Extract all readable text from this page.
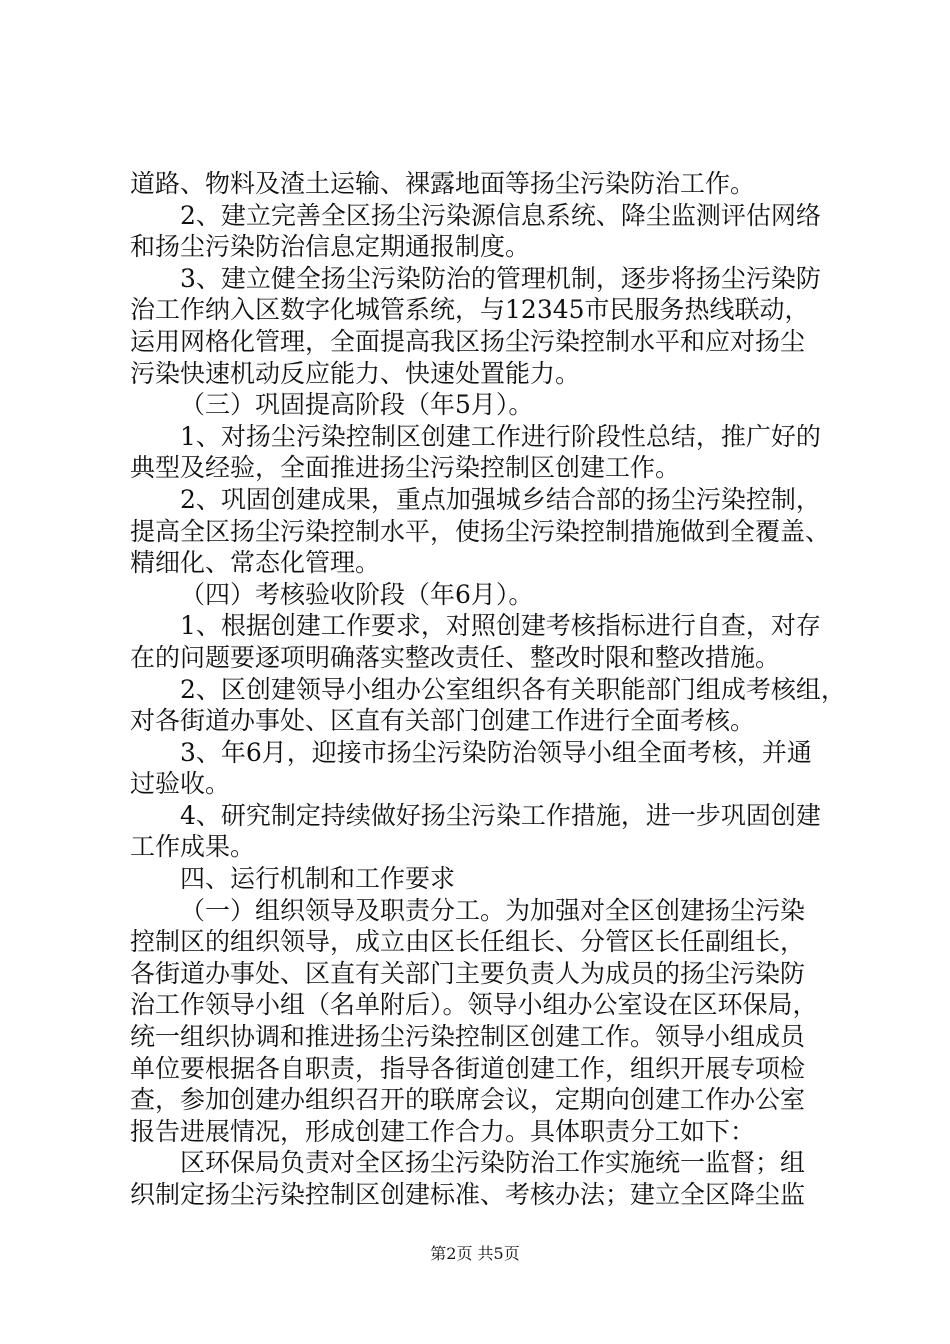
道路、物料及渣土运输、裸露地面等扬尘污染防治工作。
2、建立完善全区扬尘污染源信息系统、降尘监测评估网络
和扬尘污染防治信息定期通报制度。
3、建立健全扬尘污染防治的管理机制，逐步将扬尘污染防
治工作纳入区数字化城管系统，与12345市民服务热线联动，
运用网格化管理，全面提高我区扬尘污染控制水平和应对扬尘
污染快速机动反应能力、快速处置能力。
（三）巩固提高阶段（年5月）。
1、对扬尘污染控制区创建工作进行阶段性总结，推广好的
典型及经验，全面推进扬尘污染控制区创建工作。
2、巩固创建成果，重点加强城乡结合部的扬尘污染控制，
提高全区扬尘污染控制水平，使扬尘污染控制措施做到全覆盖、
精细化、常态化管理。
（四）考核验收阶段（年6月）。
1、根据创建工作要求，对照创建考核指标进行自查，对存
在的问题要逐项明确落实整改责任、整改时限和整改措施。
2、区创建领导小组办公室组织各有关职能部门组成考核组，
对各街道办事处、区直有关部门创建工作进行全面考核。
3、年6月，迎接市扬尘污染防治领导小组全面考核，并通
过验收。
4、研究制定持续做好扬尘污染工作措施，进一步巩固创建
工作成果。
四、运行机制和工作要求
（一）组织领导及职责分工。为加强对全区创建扬尘污染
控制区的组织领导，成立由区长任组长、分管区长任副组长，
各街道办事处、区直有关部门主要负责人为成员的扬尘污染防
治工作领导小组（名单附后）。领导小组办公室设在区环保局，
统一组织协调和推进扬尘污染控制区创建工作。领导小组成员
单位要根据各自职责，指导各街道创建工作，组织开展专项检
查，参加创建办组织召开的联席会议，定期向创建工作办公室
报告进展情况，形成创建工作合力。具体职责分工如下：
区环保局负责对全区扬尘污染防治工作实施统一监督；组
织制定扬尘污染控制区创建标准、考核办法；建立全区降尘监
第2页 共5页
